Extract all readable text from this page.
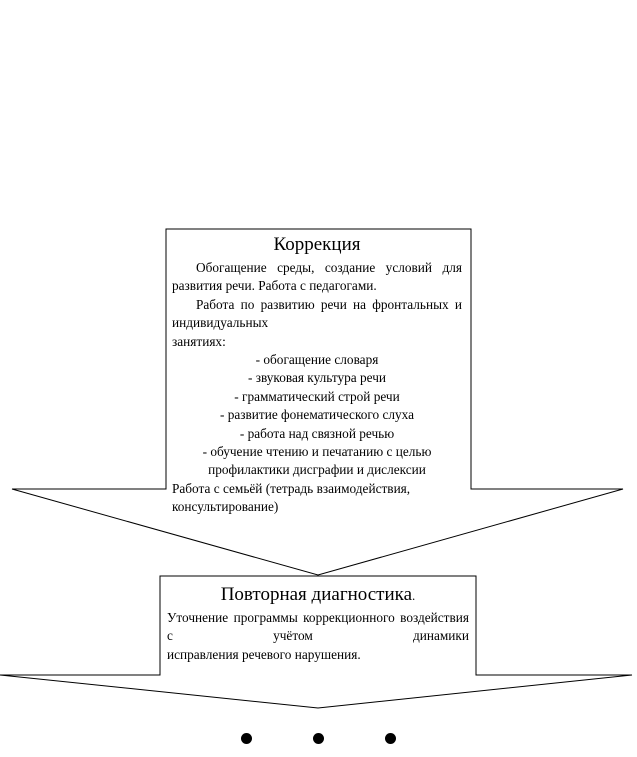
Коррекция
Обогащение среды, создание условий для развития речи. Работа с педагогами.
Работа по развитию речи на фронтальных и индивидуальных
занятиях:
- обогащение словаря
- звуковая культура речи
- грамматический строй речи
- развитие фонематического слуха
- работа над связной речью
- обучение чтению и печатанию с целью профилактики дисграфии и дислексии
Работа с семьёй (тетрадь взаимодействия, консультирование)
Повторная диагностика.
Уточнение программы коррекционного воздействия с учётом динамики
исправления речевого нарушения.
